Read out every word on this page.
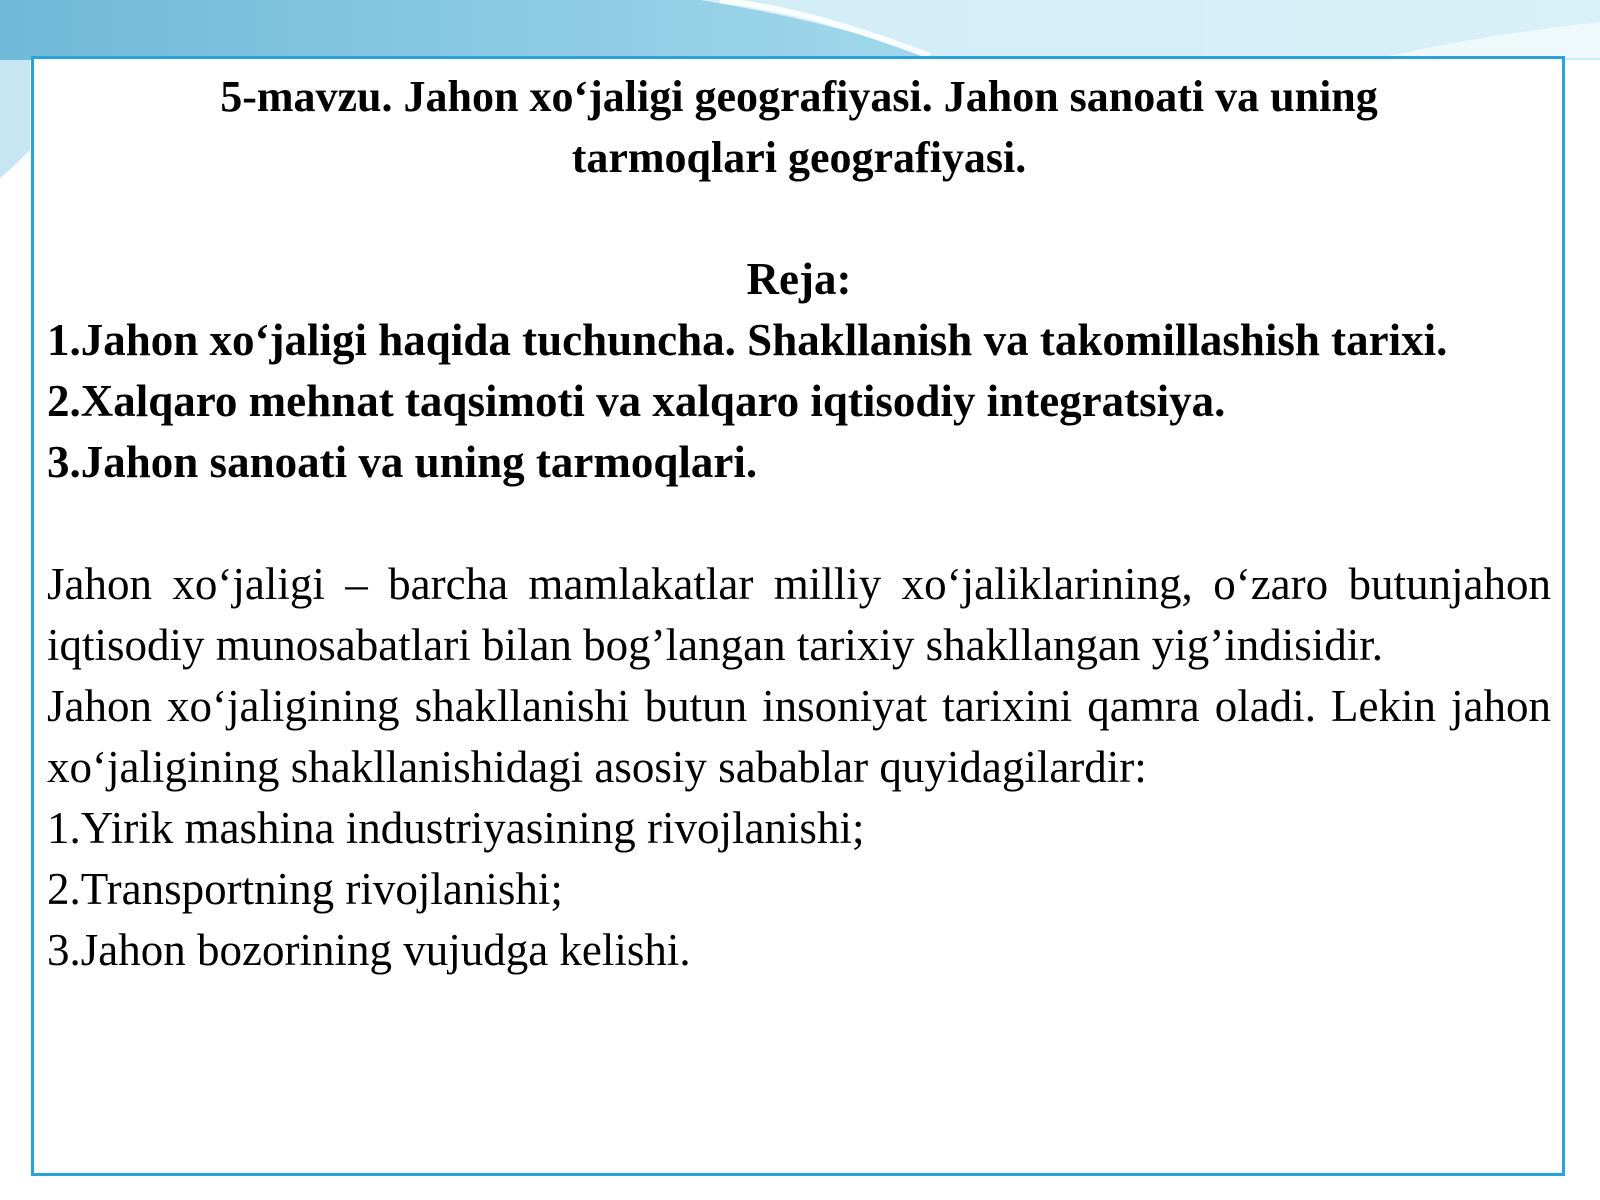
5-mavzu. Jahon xo‘jaligi geografiyasi. Jahon sanoati va uning
tarmoqlari geografiyasi.

Reja:

1.Jahon xo‘jaligi haqida tuchuncha. Shakllanish va takomillashish tarixi.

2.Xalqaro mehnat taqsimoti va xalqaro iqtisodiy integratsiya.

3.Jahon sanoati va uning tarmoqlari.

Jahon xo‘jaligi – barcha mamlakatlar milliy xo‘jaliklarining, o‘zaro butunjahon iqtisodiy munosabatlari bilan bog’langan tarixiy shakllangan yig’indisidir.

Jahon xo‘jaligining shakllanishi butun insoniyat tarixini qamra oladi. Lekin jahon xo‘jaligining shakllanishidagi asosiy sabablar quyidagilardir:

1.Yirik mashina industriyasining rivojlanishi;

2.Transportning rivojlanishi;

3.Jahon bozorining vujudga kelishi.
